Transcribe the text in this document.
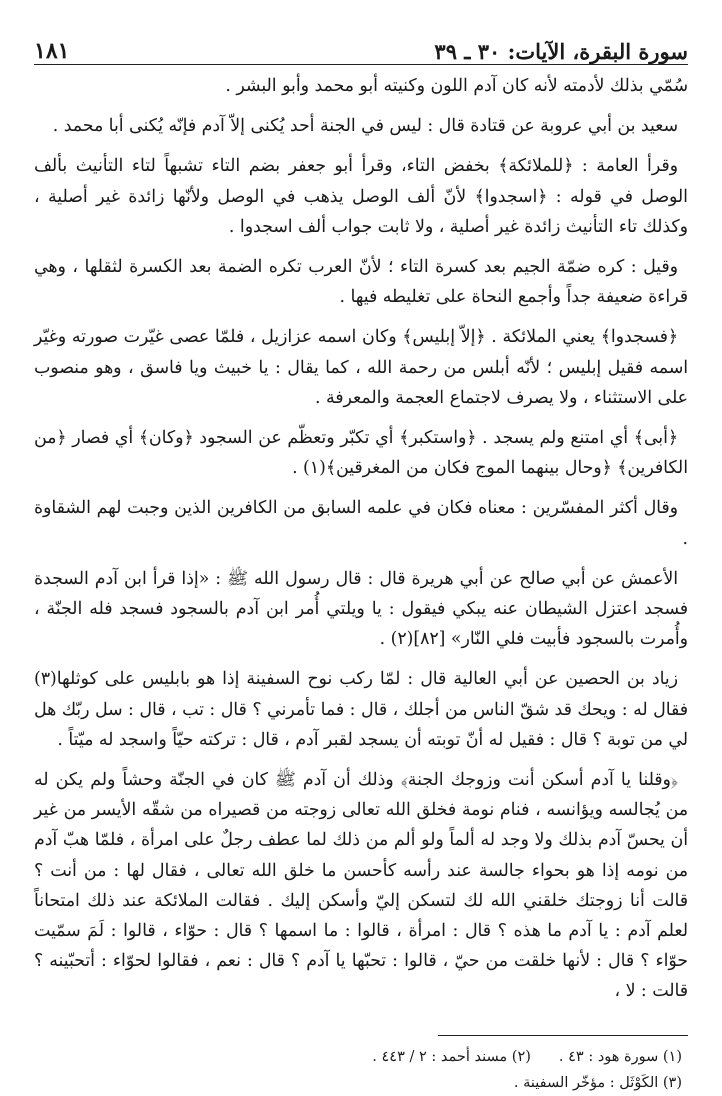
سورة البقرة، الآيات: ٣٠ ـ ٣٩
١٨١

سُمّي بذلك لأدمته لأنه كان آدم اللون وكنيته أبو محمد وأبو البشر .

سعيد بن أبي عروبة عن قتادة قال : ليس في الجنة أحد يُكنى إلاّ آدم فإنّه يُكنى أبا محمد .

وقرأ العامة : ﴿للملائكة﴾ بخفض التاء، وقرأ أبو جعفر بضم التاء تشبهاً لتاء التأنيث بألف الوصل في قوله : ﴿اسجدوا﴾ لأنّ ألف الوصل يذهب في الوصل ولأنّها زائدة غير أصلية ، وكذلك تاء التأنيث زائدة غير أصلية ، ولا ثابت جواب ألف اسجدوا .

وقيل : كره ضمّة الجيم بعد كسرة التاء ؛ لأنّ العرب تكره الضمة بعد الكسرة لثقلها ، وهي قراءة ضعيفة جداً وأجمع النحاة على تغليطه فيها .

﴿فسجدوا﴾ يعني الملائكة . ﴿إلاّ إبليس﴾ وكان اسمه عزازيل ، فلمّا عصى غيّرت صورته وغيّر اسمه فقيل إبليس ؛ لأنّه أبلس من رحمة الله ، كما يقال : يا خبيث ويا فاسق ، وهو منصوب على الاستثناء ، ولا يصرف لاجتماع العجمة والمعرفة .

﴿أبى﴾ أي امتنع ولم يسجد . ﴿واستكبر﴾ أي تكبّر وتعظّم عن السجود ﴿وكان﴾ أي فصار ﴿من الكافرين﴾ ﴿وحال بينهما الموج فكان من المغرقين﴾(١) .

وقال أكثر المفسّرين : معناه فكان في علمه السابق من الكافرين الذين وجبت لهم الشقاوة .

الأعمش عن أبي صالح عن أبي هريرة قال : قال رسول الله ﷺ : «إذا قرأ ابن آدم السجدة فسجد اعتزل الشيطان عنه يبكي فيقول : يا ويلتي أُمر ابن آدم بالسجود فسجد فله الجنّة ، وأُمرت بالسجود فأبيت فلي النّار» [٨٢](٢) .

زياد بن الحصين عن أبي العالية قال : لمّا ركب نوح السفينة إذا هو بابليس على كوثلها(٣) فقال له : ويحك قد شقّ الناس من أجلك ، قال : فما تأمرني ؟ قال : تب ، قال : سل ربّك هل لي من توبة ؟ قال : فقيل له أنّ توبته أن يسجد لقبر آدم ، قال : تركته حيّاً واسجد له ميّتاً .

﴿وقلنا يا آدم أسكن أنت وزوجك الجنة﴾ وذلك أن آدم ﷺ كان في الجنّة وحشاً ولم يكن له من يُجالسه ويؤانسه ، فنام نومة فخلق الله تعالى زوجته من قصيراه من شقّه الأيسر من غير أن يحسّ آدم بذلك ولا وجد له ألماً ولو ألم من ذلك لما عطف رجلٌ على امرأة ، فلمّا هبّ آدم من نومه إذا هو بحواء جالسة عند رأسه كأحسن ما خلق الله تعالى ، فقال لها : من أنت ؟ قالت أنا زوجتك خلقني الله لك لتسكن إليّ وأسكن إليك . فقالت الملائكة عند ذلك امتحاناً لعلم آدم : يا آدم ما هذه ؟ قال : امرأة ، قالوا : ما اسمها ؟ قال : حوّاء ، قالوا : لَمَ سمّيت حوّاء ؟ قال : لأنها خلقت من حيّ ، قالوا : تحبّها يا آدم ؟ قال : نعم ، فقالوا لحوّاء : أتحبّينه ؟ قالت : لا ،

(١) سورة هود : ٤٣ .
(٢) مسند أحمد : ٢ / ٤٤٣ .
(٣) الكَوْثَل : مؤخّر السفينة .
